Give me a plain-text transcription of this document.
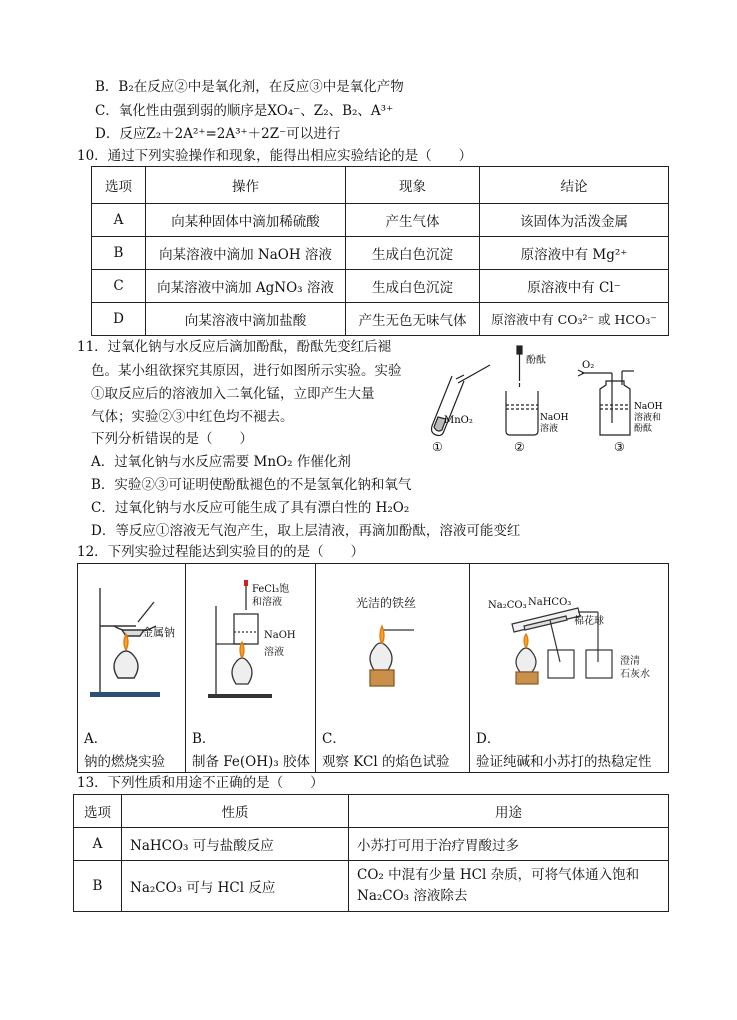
B．B₂在反应②中是氧化剂，在反应③中是氧化产物
C．氧化性由强到弱的顺序是XO₄⁻、Z₂、B₂、A³⁺
D．反应Z₂＋2A²⁺=2A³⁺＋2Z⁻可以进行
10．通过下列实验操作和现象，能得出相应实验结论的是（　　）
选项	操作	现象	结论
A	向某种固体中滴加稀硫酸	产生气体	该固体为活泼金属
B	向某溶液中滴加 NaOH 溶液	生成白色沉淀	原溶液中有 Mg²⁺
C	向某溶液中滴加 AgNO₃ 溶液	生成白色沉淀	原溶液中有 Cl⁻
D	向某溶液中滴加盐酸	产生无色无味气体	原溶液中有 CO₃²⁻ 或 HCO₃⁻
11．过氧化钠与水反应后滴加酚酞，酚酞先变红后褪
色。某小组欲探究其原因，进行如图所示实验。实验
①取反应后的溶液加入二氧化锰，立即产生大量
气体；实验②③中红色均不褪去。
下列分析错误的是（　　）
A．过氧化钠与水反应需要 MnO₂ 作催化剂
B．实验②③可证明使酚酞褪色的不是氢氧化钠和氧气
C．过氧化钠与水反应可能生成了具有漂白性的 H₂O₂
D．等反应①溶液无气泡产生，取上层清液，再滴加酚酞，溶液可能变红
MnO₂
①
酚酞
NaOH
溶液
②
O₂
NaOH
溶液和
酚酞
③
12．下列实验过程能达到实验目的的是（　　）
金属钠
A．
钠的燃烧实验

FeCl₃饱
和溶液
NaOH
溶液
B．
制备 Fe(OH)₃ 胶体

光洁的铁丝
C．
观察 KCl 的焰色试验

Na₂CO₃ NaHCO₃
棉花球
澄清
石灰水
D．
验证纯碱和小苏打的热稳定性
13．下列性质和用途不正确的是（　　）
选项	性质	用途
A	NaHCO₃ 可与盐酸反应	小苏打可用于治疗胃酸过多
B	Na₂CO₃ 可与 HCl 反应	CO₂ 中混有少量 HCl 杂质，可将气体通入饱和
Na₂CO₃ 溶液除去
